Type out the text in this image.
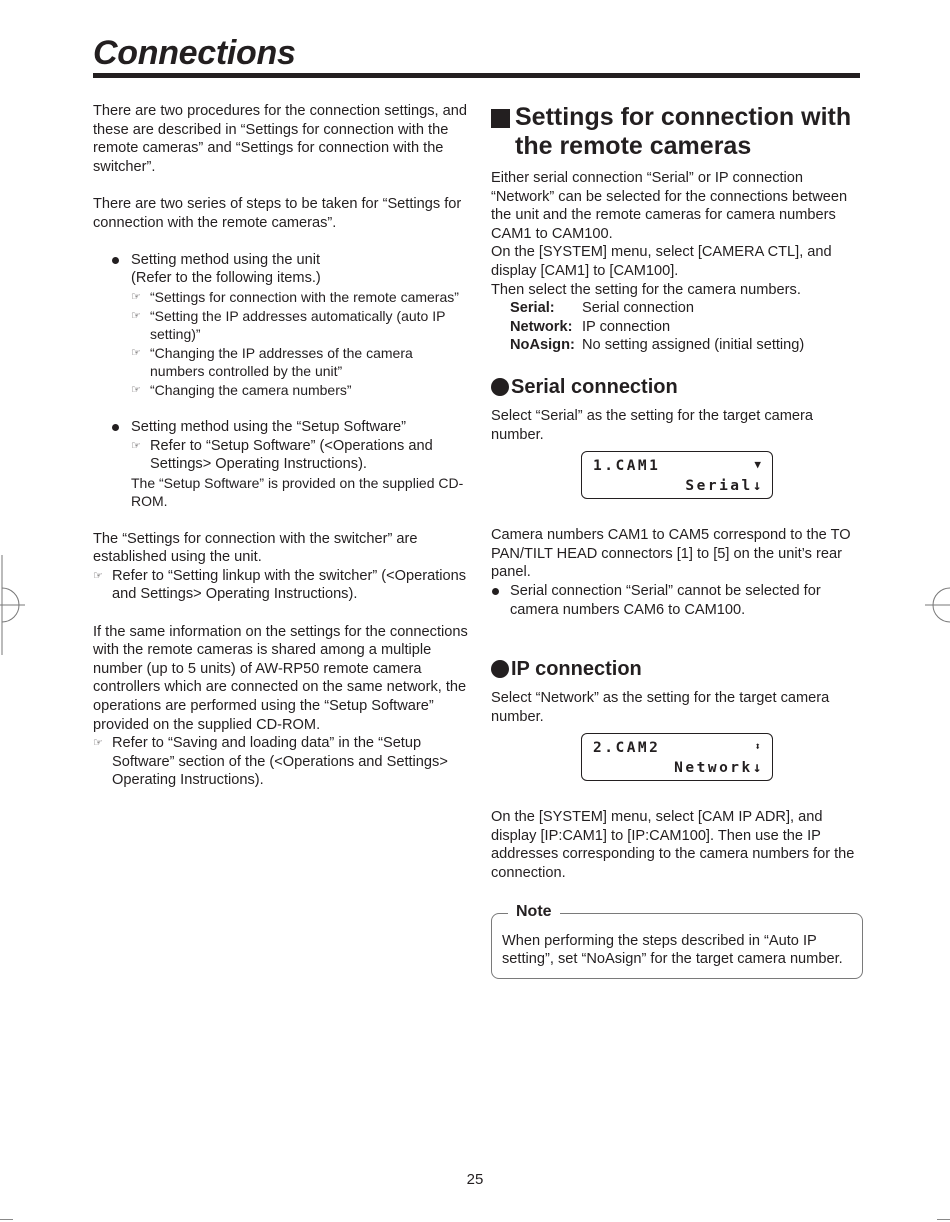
Connections

There are two procedures for the connection settings, and these are described in “Settings for connection with the remote cameras” and “Settings for connection with the switcher”.

There are two series of steps to be taken for “Settings for connection with the remote cameras”.

Setting method using the unit

(Refer to the following items.)

☞ “Settings for connection with the remote cameras”
☞ “Setting the IP addresses automatically (auto IP setting)”
☞ “Changing the IP addresses of the camera numbers controlled by the unit”
☞ “Changing the camera numbers”

Setting method using the “Setup Software”

☞ Refer to “Setup Software” (<Operations and Settings> Operating Instructions).

The “Setup Software” is provided on the supplied CD-ROM.

The “Settings for connection with the switcher” are established using the unit.

☞ Refer to “Setting linkup with the switcher” (<Operations and Settings> Operating Instructions).

If the same information on the settings for the connections with the remote cameras is shared among a multiple number (up to 5 units) of AW-RP50 remote camera controllers which are connected on the same network, the operations are performed using the “Setup Software” provided on the supplied CD-ROM.

☞ Refer to “Saving and loading data” in the “Setup Software” section of the (<Operations and Settings> Operating Instructions).
Settings for connection with the remote cameras

Either serial connection “Serial” or IP connection “Network” can be selected for the connections between the unit and the remote cameras for camera numbers CAM1 to CAM100.

On the [SYSTEM] menu, select [CAMERA CTL], and display [CAM1] to [CAM100].

Then select the setting for the camera numbers.

Serial:	Serial connection
Network: IP connection
NoAsign: No setting assigned (initial setting)
Serial connection

Select “Serial” as the setting for the target camera number.

1.CAM1	▼
Serial↓

Camera numbers CAM1 to CAM5 correspond to the TO PAN/TILT HEAD connectors [1] to [5] on the unit’s rear panel.

Serial connection “Serial” cannot be selected for camera numbers CAM6 to CAM100.
IP connection

Select “Network” as the setting for the target camera number.

2.CAM2	⬍
Network↓

On the [SYSTEM] menu, select [CAM IP ADR], and display [IP:CAM1] to [IP:CAM100]. Then use the IP addresses corresponding to the camera numbers for the connection.

Note

When performing the steps described in “Auto IP setting”, set “NoAsign” for the target camera number.

25
